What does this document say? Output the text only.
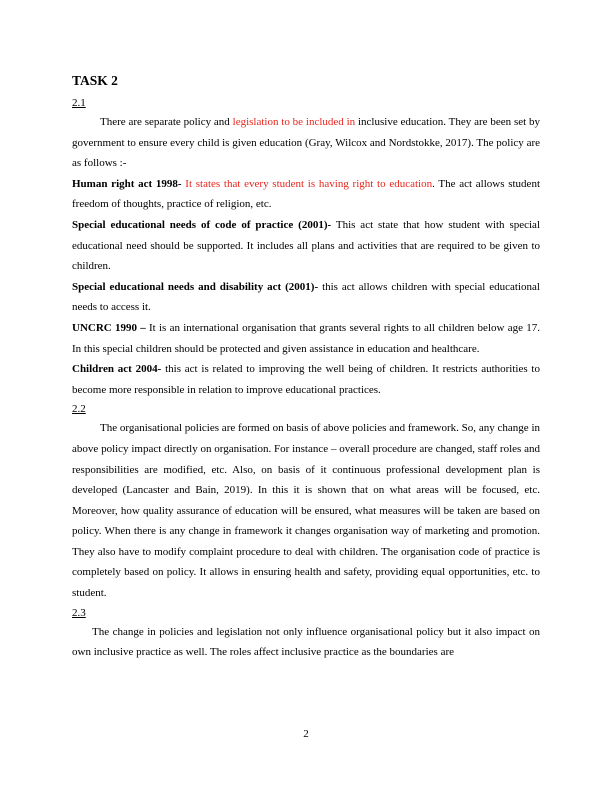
TASK 2
2.1

There are separate policy and legislation to be included in inclusive education. They are been set by government to ensure every child is given education (Gray, Wilcox and Nordstokke, 2017). The policy are as follows :-

Human right act 1998- It states that every student is having right to education. The act allows student freedom of thoughts, practice of religion, etc.

Special educational needs of code of practice (2001)- This act state that how student with special educational need should be supported. It includes all plans and activities that are required to be given to children.

Special educational needs and disability act (2001)- this act allows children with special educational needs to access it.

UNCRC 1990 – It is an international organisation that grants several rights to all children below age 17. In this special children should be protected and given assistance in education and healthcare.

Children act 2004- this act is related to improving the well being of children. It restricts authorities to become more responsible in relation to improve educational practices.

2.2

The organisational policies are formed on basis of above policies and framework. So, any change in above policy impact directly on organisation. For instance – overall procedure are changed, staff roles and responsibilities are modified, etc. Also, on basis of it continuous professional development plan is developed (Lancaster and Bain, 2019). In this it is shown that on what areas will be focused, etc. Moreover, how quality assurance of education will be ensured, what measures will be taken are based on policy. When there is any change in framework it changes organisation way of marketing and promotion. They also have to modify complaint procedure to deal with children. The organisation code of practice is completely based on policy. It allows in ensuring health and safety, providing equal opportunities, etc. to student.

2.3

The change in policies and legislation not only influence organisational policy but it also impact on own inclusive practice as well. The roles affect inclusive practice as the boundaries are

2
